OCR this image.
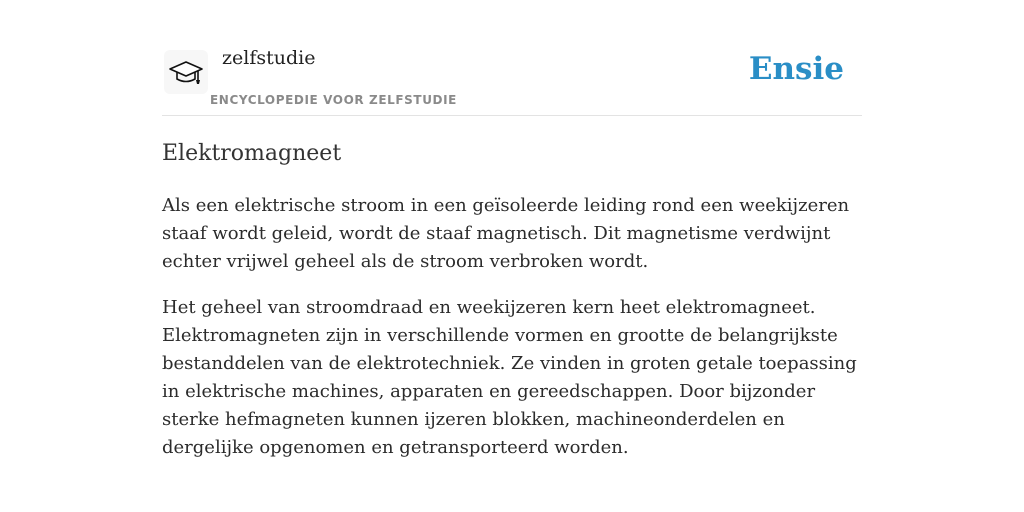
zelfstudie
ENCYCLOPEDIE VOOR ZELFSTUDIE
Ensie
Elektromagneet

Als een elektrische stroom in een geïsoleerde leiding rond een weekijzeren staaf wordt geleid, wordt de staaf magnetisch. Dit magnetisme verdwijnt echter vrijwel geheel als de stroom verbroken wordt.

Het geheel van stroomdraad en weekijzeren kern heet elektromagneet. Elektromagneten zijn in verschillende vormen en grootte de belangrijkste bestanddelen van de elektrotechniek. Ze vinden in groten getale toepassing in elektrische machines, apparaten en gereedschappen. Door bijzonder sterke hefmagneten kunnen ijzeren blokken, machineonderdelen en dergelijke opgenomen en getransporteerd worden.
